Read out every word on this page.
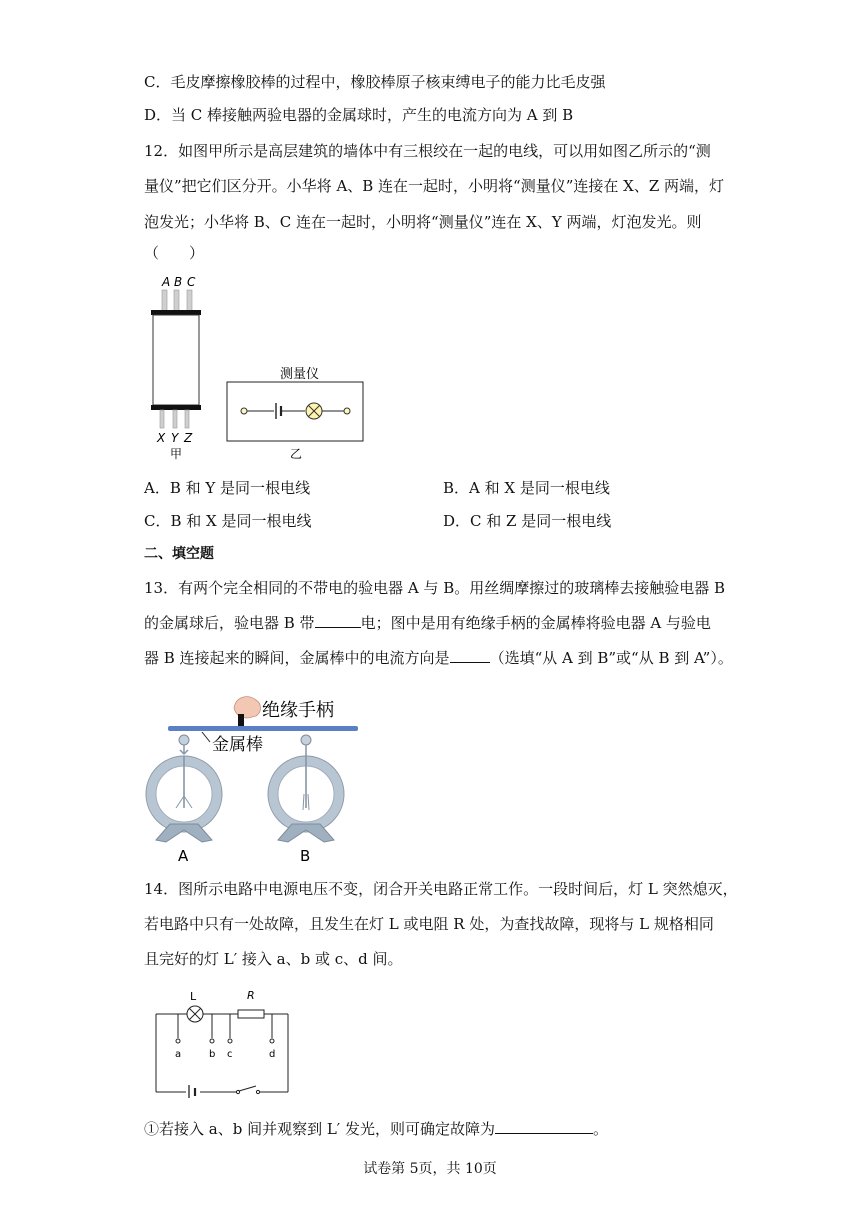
C．毛皮摩擦橡胶棒的过程中，橡胶棒原子核束缚电子的能力比毛皮强
D．当 C 棒接触两验电器的金属球时，产生的电流方向为 A 到 B
12．如图甲所示是高层建筑的墙体中有三根绞在一起的电线，可以用如图乙所示的“测
量仪”把它们区分开。小华将 A、B 连在一起时，小明将“测量仪”连接在 X、Z 两端，灯
泡发光；小华将 B、C 连在一起时，小明将“测量仪”连在 X、Y 两端，灯泡发光。则
（　　）
A B C
X Y Z
甲
测量仪
乙
A．B 和 Y 是同一根电线	B．A 和 X 是同一根电线
C．B 和 X 是同一根电线	D．C 和 Z 是同一根电线
二、填空题
13．有两个完全相同的不带电的验电器 A 与 B。用丝绸摩擦过的玻璃棒去接触验电器 B
的金属球后，验电器 B 带	电；图中是用有绝缘手柄的金属棒将验电器 A 与验电
器 B 连接起来的瞬间，金属棒中的电流方向是	（选填“从 A 到 B”或“从 B 到 A”）。
绝缘手柄
金属棒
A	B
14．图所示电路中电源电压不变，闭合开关电路正常工作。一段时间后，灯 L 突然熄灭，
若电路中只有一处故障，且发生在灯 L 或电阻 R 处，为查找故障，现将与 L 规格相同
且完好的灯 L′ 接入 a、b 或 c、d 间。
L	R
a	b c	d
①若接入 a、b 间并观察到 L′ 发光，则可确定故障为	。
试卷第 5页，共 10页
